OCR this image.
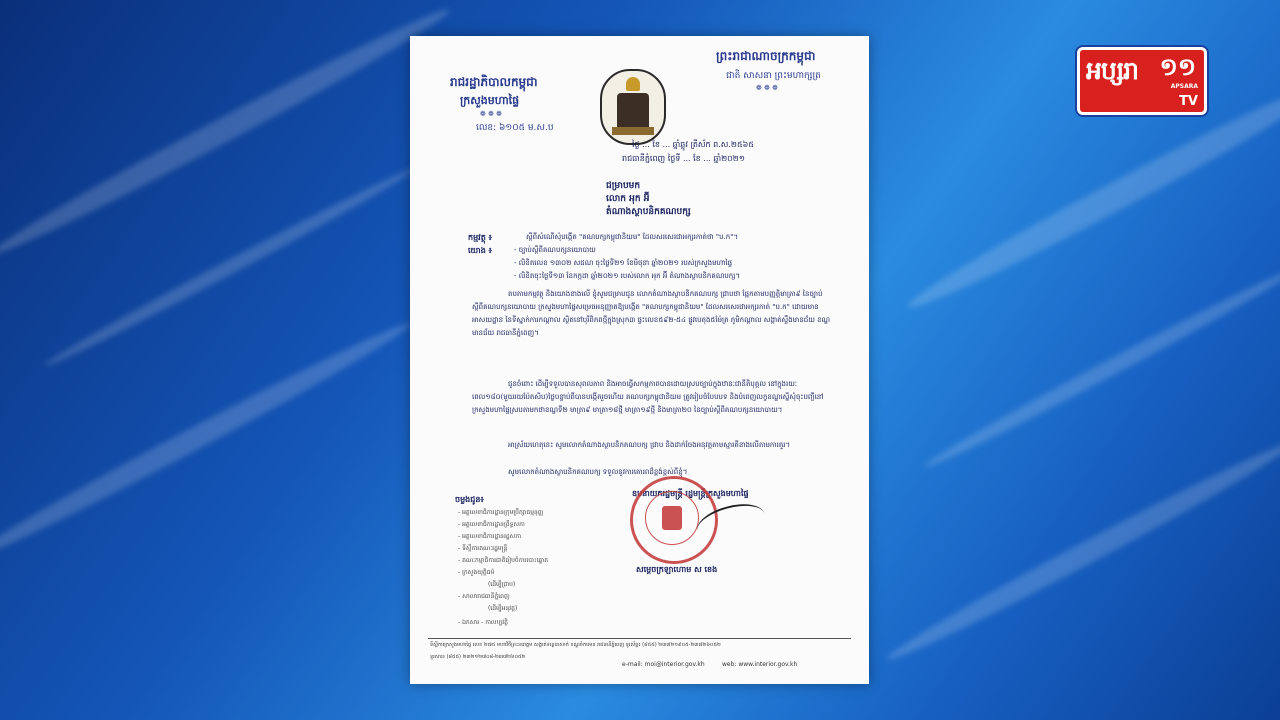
អប្សរា ១១
APSARA
TV
រាជរដ្ឋាភិបាលកម្ពុជា
ក្រសួងមហាផ្ទៃ
❁ ❁ ❁
លេខ: ៦១០៥ ម.ស.ប
ព្រះរាជាណាចក្រកម្ពុជា
ជាតិ សាសនា ព្រះមហាក្សត្រ
❁ ❁ ❁
ថ្ងៃ ... ខែ ... ឆ្នាំឆ្លូវ ត្រីស័ក ព.ស.២៥៦៥
រាជធានីភ្នំពេញ ថ្ងៃទី ... ខែ ... ឆ្នាំ២០២១
ជម្រាបមក
លោក អុក អ៊ី
តំណាងស្ថាបនិកគណបក្ស
កម្មវត្ថុ ៖	ស្តីពីសំណើសុំបង្កើត "គណបក្សកម្ពុជានិយម" ដែលសរសេរជាអក្សរកាត់ថា "ប.ក"។
យោង ៖	- ច្បាប់ស្តីពីគណបក្សនយោបាយ
- លិខិតលេខ ១៣០២ សជណ ចុះថ្ងៃទី២១ ខែមិថុនា ឆ្នាំ២០២១ របស់ក្រសួងមហាផ្ទៃ
- លិខិតចុះថ្ងៃទី១៣ ខែកក្កដា ឆ្នាំ២០២១ របស់លោក អុក អ៊ី តំណាងស្ថាបនិកគណបក្ស។
តបតាមកម្មវត្ថុ និងយោងខាងលើ ខ្ញុំសូមជម្រាបជូន លោកតំណាងស្ថាបនិកគណបក្ស ជ្រាបថា ផ្អែកតាមបញ្ញត្តិមាត្រា៩ នៃច្បាប់ស្តីពីគណបក្សនយោបាយ ក្រសួងមហាផ្ទៃសម្រេចអនុញ្ញាតឱ្យបង្កើត "គណបក្សកម្ពុជានិយម" ដែលសរសេរជាអក្សរកាត់ "ប.ក" ដោយមានអាសយដ្ឋាន នៃទីស្នាក់ការកណ្តាល ស្ថិតនៅបុរីពិភពថ្មីក្នុងស្រុក៣ ផ្ទះលេខ៥៩២-៥៤ ផ្លូវបេតុង៥ម៉ែត្រ ភូមិកណ្តាល សង្កាត់ស្ទឹងមានជ័យ ខណ្ឌមានជ័យ រាជធានីភ្នំពេញ។
ជូនចំពោះ ដើម្បីទទួលបានសុពលភាព និងអាចធ្វើសកម្មភាពបានដោយស្របច្បាប់ក្នុងឋានៈជានីតិបុគ្គល នៅក្នុងរយៈពេល១៨០(មួយរយប៉ែតសិប)ថ្ងៃបន្ទាប់ពីបានបង្កើតរួចហើយ គណបក្សកម្ពុជានិយម ត្រូវរៀបចំបែបបទ និងបំពេញលក្ខខណ្ឌស្នើសុំចុះបញ្ជីនៅក្រសួងមហាផ្ទៃស្របតាមកថាខណ្ឌទី២ មាត្រា៩ មាត្រា១៨ថ្មី មាត្រា១៩ថ្មី និងមាត្រា២០ នៃច្បាប់ស្តីពីគណបក្សនយោបាយ។
អាស្រ័យហេតុនេះ សូមលោកតំណាងស្ថាបនិកគណបក្ស ជ្រាប និងដាក់ចែងអនុវត្តតាមស្មារតីខាងលើតាមការគួរ។
សូមលោកតំណាងស្ថាបនិកគណបក្ស ទទួលនូវការគោរពដ៏ខ្ពង់ខ្ពស់ពីខ្ញុំ។
ឧបនាយករដ្ឋមន្ត្រី រដ្ឋមន្ត្រីក្រសួងមហាផ្ទៃ
សម្តេចក្រឡាហោម ស ខេង
ចម្លងជូន៖
- អគ្គលេខាធិការដ្ឋានក្រុមប្រឹក្សាធម្មនុញ្ញ
- អគ្គលេខាធិការដ្ឋានព្រឹទ្ធសភា
- អគ្គលេខាធិការដ្ឋានរដ្ឋសភា
- ទីស្តីការគណៈរដ្ឋមន្ត្រី
- គណៈកម្មាធិការជាតិរៀបចំការបោះឆ្នោត
- ក្រសួងយុត្តិធម៌
(ដើម្បីជ្រាប)
- សាលារាជធានីភ្នំពេញ
(ដើម្បីអនុវត្ត)
- ឯកសារ - កាលប្បវត្តិ
ទីស្តីការក្រសួងមហាផ្ទៃ លេខ ២៧៥ មហាវិថីព្រះនរោត្តម សង្កាត់ទន្លេបាសាក់ ខណ្ឌចំការមន រាជធានីភ្នំពេញ ទូរស័ព្ទ៖ (៨៥៥) ២៣៧២១៩០៥-២៣៧២៦០៥២
ទូរសារ៖ (៨៥៥) ២៣២១២៧០៨-២៣៧២៦០៥២
e-mail: moi@interior.gov.kh	web: www.interior.gov.kh
